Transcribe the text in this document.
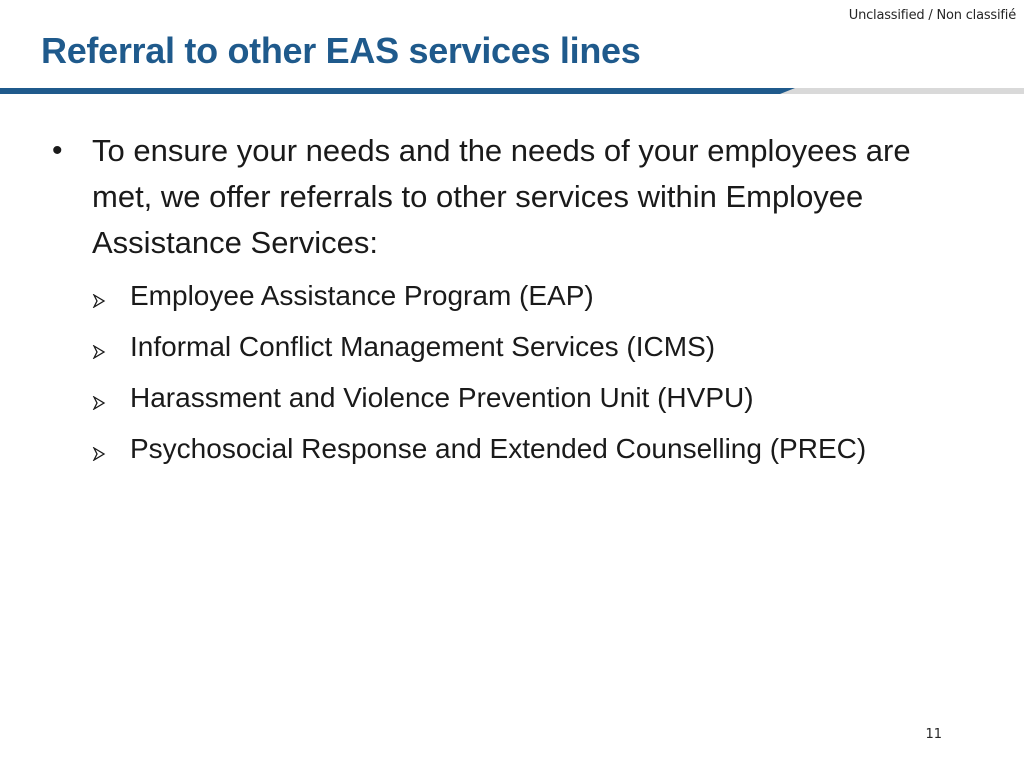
Unclassified / Non classifié
Referral to other EAS services lines
• To ensure your needs and the needs of your employees are met, we offer referrals to other services within Employee Assistance Services:
Employee Assistance Program (EAP)
Informal Conflict Management Services (ICMS)
Harassment and Violence Prevention Unit (HVPU)
Psychosocial Response and Extended Counselling (PREC)
11
